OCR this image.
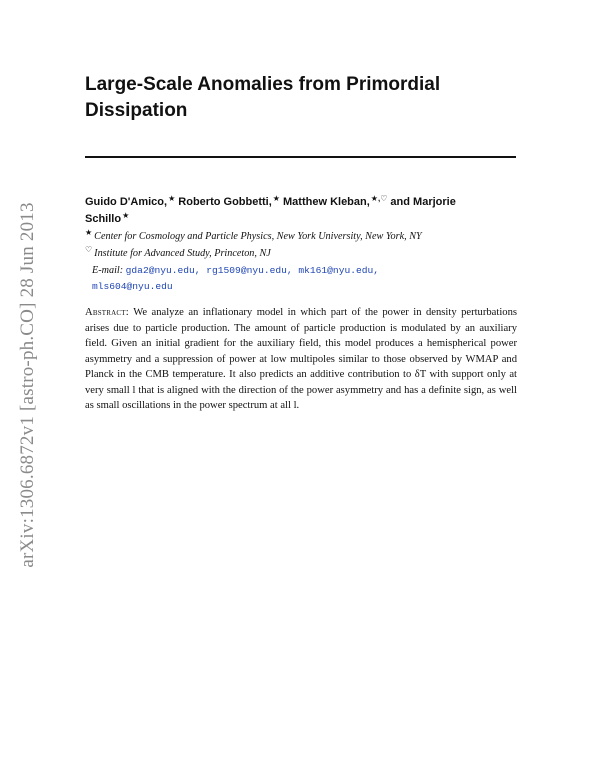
arXiv:1306.6872v1 [astro-ph.CO] 28 Jun 2013
Large-Scale Anomalies from Primordial
Dissipation
Guido D'Amico,★ Roberto Gobbetti,★ Matthew Kleban,★,♡ and Marjorie
Schillo★
★ Center for Cosmology and Particle Physics, New York University, New York, NY
♡ Institute for Advanced Study, Princeton, NJ
E-mail: gda2@nyu.edu, rg1509@nyu.edu, mk161@nyu.edu,
mls604@nyu.edu

Abstract: We analyze an inflationary model in which part of the power in density perturbations arises due to particle production. The amount of particle production is modulated by an auxiliary field. Given an initial gradient for the auxiliary field, this model produces a hemispherical power asymmetry and a suppression of power at low multipoles similar to those observed by WMAP and Planck in the CMB temperature. It also predicts an additive contribution to δT with support only at very small l that is aligned with the direction of the power asymmetry and has a definite sign, as well as small oscillations in the power spectrum at all l.
